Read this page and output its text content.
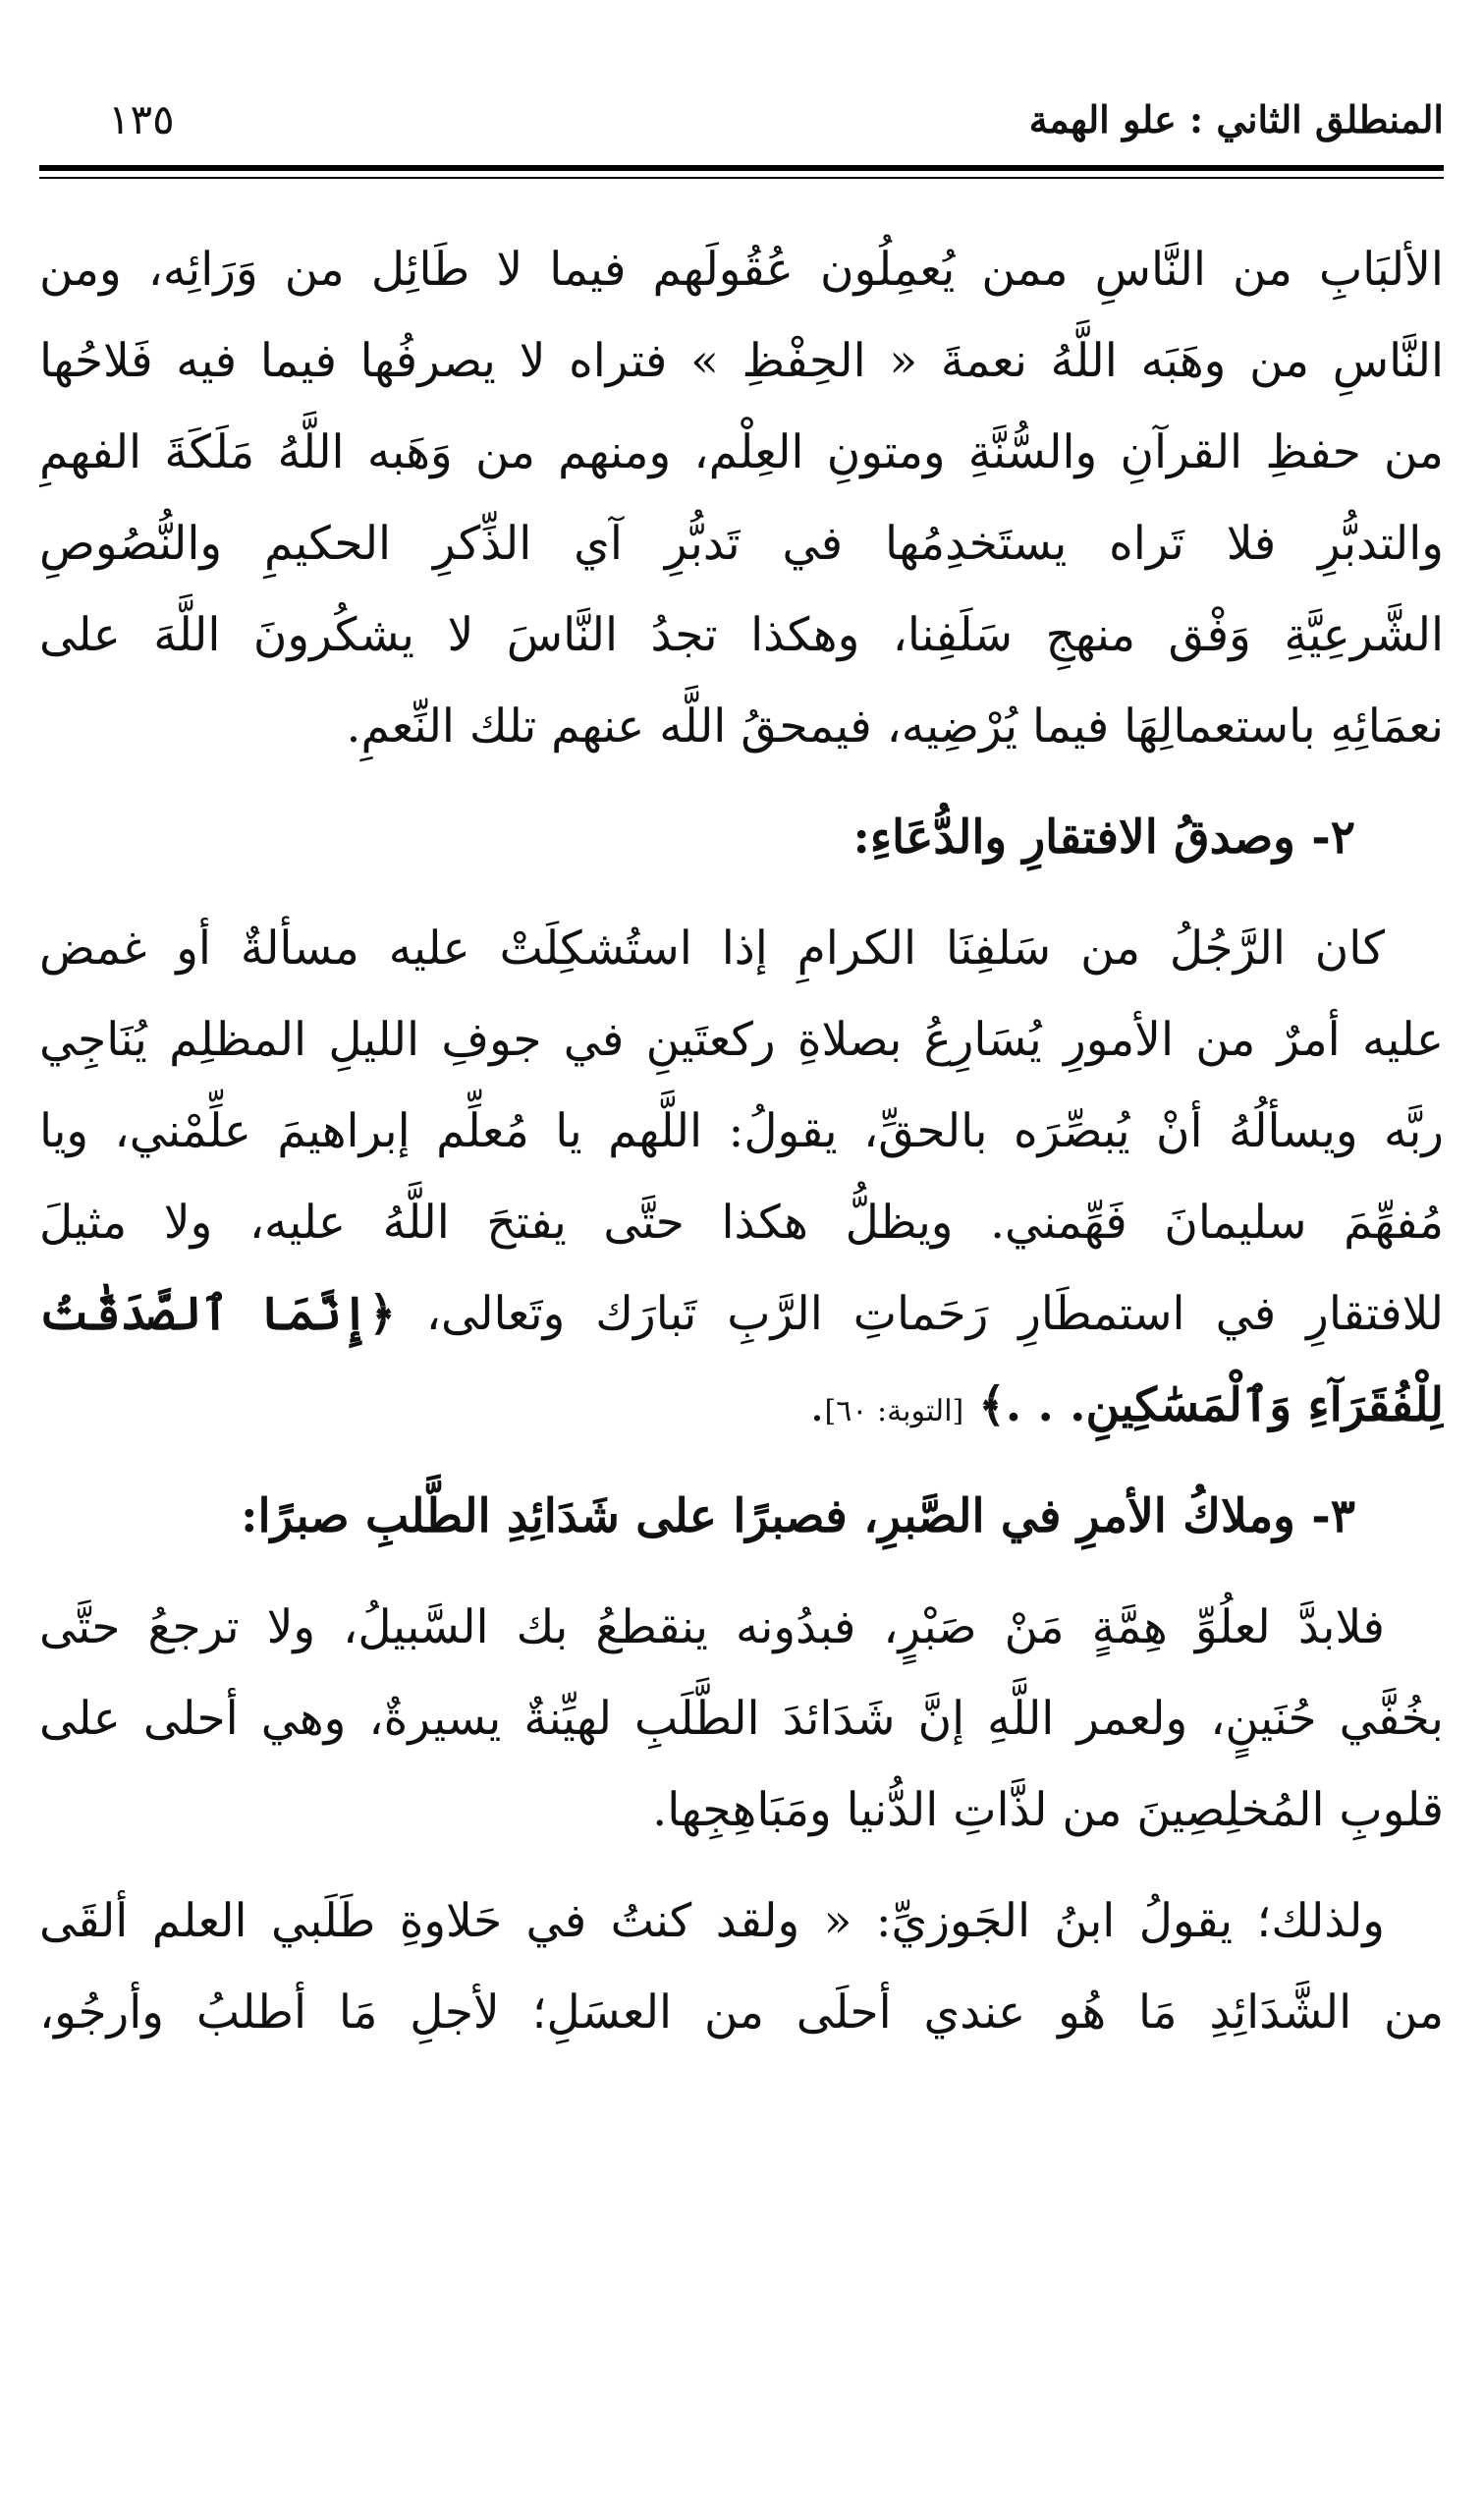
المنطلق الثاني : علو الهمة
١٣٥
الألبَابِ من النَّاسِ ممن يُعمِلُون عُقُولَهم فيما لا طَائِل من وَرَائِه، ومن
النَّاسِ من وهَبَه اللَّهُ نعمةَ « الحِفْظِ » فتراه لا يصرفُها فيما فيه فَلاحُها
من حفظِ القرآنِ والسُّنَّةِ ومتونِ العِلْم، ومنهم من وَهَبه اللَّهُ مَلَكَةَ الفهمِ
والتدبُّرِ فلا تَراه يستَخدِمُها في تَدبُّرِ آي الذِّكرِ الحكيمِ والنُّصُوصِ
الشَّرعِيَّةِ وَفْق منهجِ سَلَفِنا، وهكذا تجدُ النَّاسَ لا يشكُرونَ اللَّهَ على
نعمَائِهِ باستعمالِهَا فيما يُرْضِيه، فيمحقُ اللَّه عنهم تلك النِّعمِ.
٢- وصدقُ الافتقارِ والدُّعَاءِ:
كان الرَّجُلُ من سَلفِنَا الكرامِ إذا استُشكِلَتْ عليه مسألةٌ أو غمض
عليه أمرٌ من الأمورِ يُسَارِعُ بصلاةِ ركعتَينِ في جوفِ الليلِ المظلِم يُنَاجِي
ربَّه ويسألُهُ أنْ يُبصِّرَه بالحقِّ، يقولُ: اللَّهم يا مُعلِّم إبراهيمَ علِّمْني، ويا
مُفهِّمَ سليمانَ فَهِّمني. ويظلُّ هكذا حتَّى يفتحَ اللَّهُ عليه، ولا مثيلَ
للافتقارِ في استمطَارِ رَحَماتِ الرَّبِ تَبارَك وتَعالى، ﴿إِنَّمَا ٱلصَّدَقَٰتُ
لِلْفُقَرَآءِ وَٱلْمَسَٰكِينِ. . .﴾ [التوبة: ٦٠].
٣- وملاكُ الأمرِ في الصَّبرِ، فصبرًا على شَدَائِدِ الطَّلبِ صبرًا:
فلابدَّ لعلُوِّ هِمَّةٍ مَنْ صَبْرٍ، فبدُونه ينقطعُ بك السَّبيلُ، ولا ترجعُ حتَّى
بخُفَّي حُنَينٍ، ولعمر اللَّهِ إنَّ شَدَائدَ الطَّلَبِ لهيِّنةٌ يسيرةٌ، وهي أحلى على
قلوبِ المُخلِصِينَ من لذَّاتِ الدُّنيا ومَبَاهِجِها.
ولذلك؛ يقولُ ابنُ الجَوزيِّ: « ولقد كنتُ في حَلاوةِ طَلَبي العلم ألقَى
من الشَّدَائِدِ مَا هُو عندي أحلَى من العسَلِ؛ لأجلِ مَا أطلبُ وأرجُو،
